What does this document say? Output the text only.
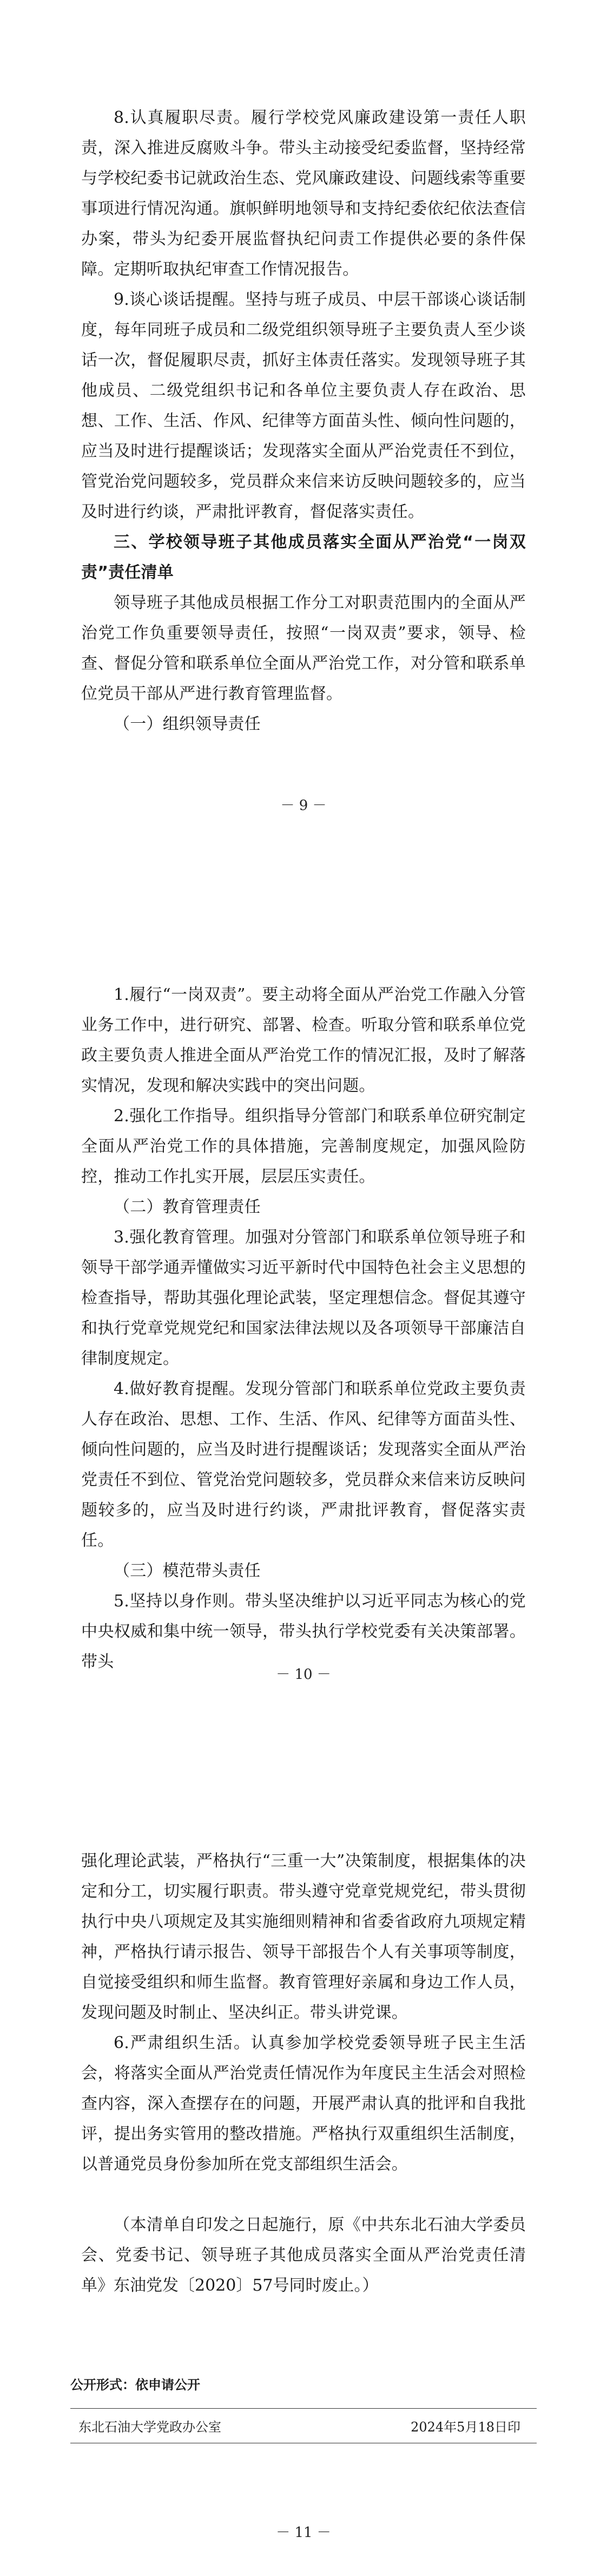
8.认真履职尽责。履行学校党风廉政建设第一责任人职责，深入推进反腐败斗争。带头主动接受纪委监督，坚持经常与学校纪委书记就政治生态、党风廉政建设、问题线索等重要事项进行情况沟通。旗帜鲜明地领导和支持纪委依纪依法查信办案，带头为纪委开展监督执纪问责工作提供必要的条件保障。定期听取执纪审查工作情况报告。

9.谈心谈话提醒。坚持与班子成员、中层干部谈心谈话制度，每年同班子成员和二级党组织领导班子主要负责人至少谈话一次，督促履职尽责，抓好主体责任落实。发现领导班子其他成员、二级党组织书记和各单位主要负责人存在政治、思想、工作、生活、作风、纪律等方面苗头性、倾向性问题的，应当及时进行提醒谈话；发现落实全面从严治党责任不到位，管党治党问题较多，党员群众来信来访反映问题较多的，应当及时进行约谈，严肃批评教育，督促落实责任。

三、学校领导班子其他成员落实全面从严治党“一岗双责”责任清单

领导班子其他成员根据工作分工对职责范围内的全面从严治党工作负重要领导责任，按照“一岗双责”要求，领导、检查、督促分管和联系单位全面从严治党工作，对分管和联系单位党员干部从严进行教育管理监督。

（一）组织领导责任

－ 9 －

1.履行“一岗双责”。要主动将全面从严治党工作融入分管业务工作中，进行研究、部署、检查。听取分管和联系单位党政主要负责人推进全面从严治党工作的情况汇报，及时了解落实情况，发现和解决实践中的突出问题。

2.强化工作指导。组织指导分管部门和联系单位研究制定全面从严治党工作的具体措施，完善制度规定，加强风险防控，推动工作扎实开展，层层压实责任。

（二）教育管理责任

3.强化教育管理。加强对分管部门和联系单位领导班子和领导干部学通弄懂做实习近平新时代中国特色社会主义思想的检查指导，帮助其强化理论武装，坚定理想信念。督促其遵守和执行党章党规党纪和国家法律法规以及各项领导干部廉洁自律制度规定。

4.做好教育提醒。发现分管部门和联系单位党政主要负责人存在政治、思想、工作、生活、作风、纪律等方面苗头性、倾向性问题的，应当及时进行提醒谈话；发现落实全面从严治党责任不到位、管党治党问题较多，党员群众来信来访反映问题较多的，应当及时进行约谈，严肃批评教育，督促落实责任。

（三）模范带头责任

5.坚持以身作则。带头坚决维护以习近平同志为核心的党中央权威和集中统一领导，带头执行学校党委有关决策部署。带头

－ 10 －

强化理论武装，严格执行“三重一大”决策制度，根据集体的决定和分工，切实履行职责。带头遵守党章党规党纪，带头贯彻执行中央八项规定及其实施细则精神和省委省政府九项规定精神，严格执行请示报告、领导干部报告个人有关事项等制度，自觉接受组织和师生监督。教育管理好亲属和身边工作人员，发现问题及时制止、坚决纠正。带头讲党课。

6.严肃组织生活。认真参加学校党委领导班子民主生活会，将落实全面从严治党责任情况作为年度民主生活会对照检查内容，深入查摆存在的问题，开展严肃认真的批评和自我批评，提出务实管用的整改措施。严格执行双重组织生活制度，以普通党员身份参加所在党支部组织生活会。

（本清单自印发之日起施行，原《中共东北石油大学委员会、党委书记、领导班子其他成员落实全面从严治党责任清单》东油党发〔2020〕57号同时废止。）

公开形式：依申请公开
东北石油大学党政办公室	2024年5月18日印
－ 11 －
